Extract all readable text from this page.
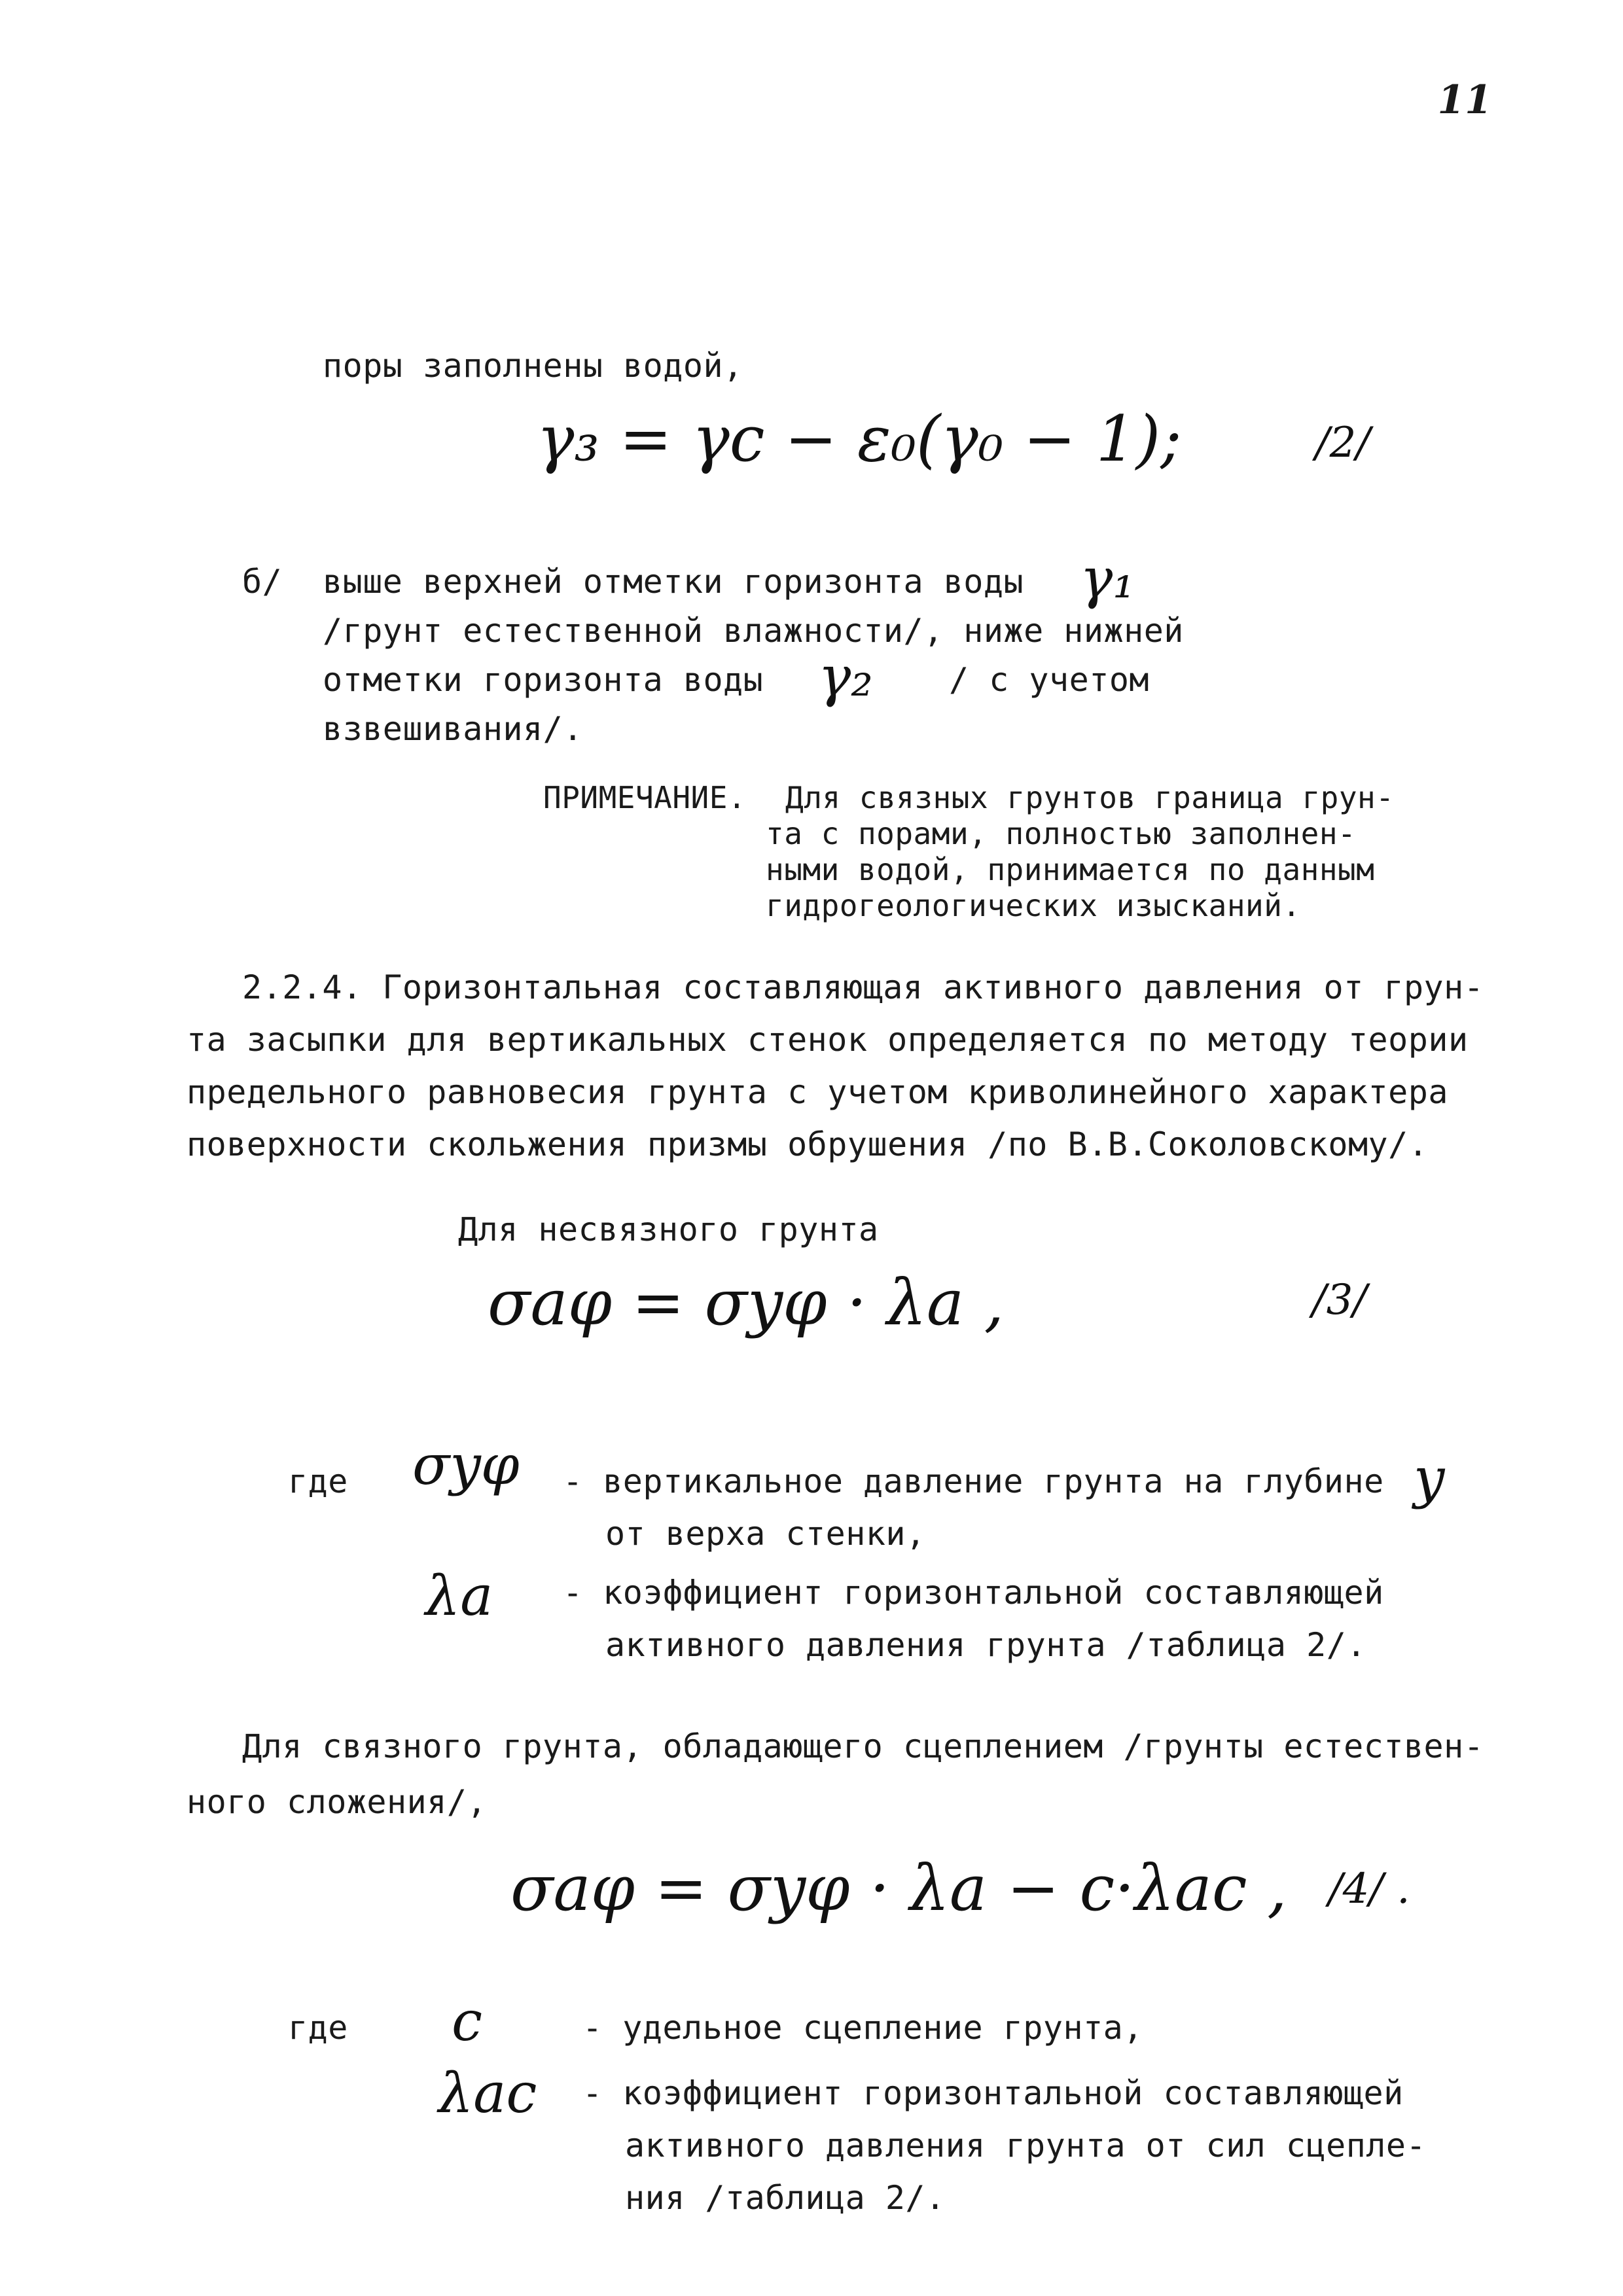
11
поры заполнены водой,
γ₃ = γc − ε₀(γ₀ − 1);	/2/
б/ выше верхней отметки горизонта воды γ₁
/грунт естественной влажности/, ниже нижней
отметки горизонта воды γ₂ / с учетом
взвешивания/.
ПРИМЕЧАНИЕ. Для связных грунтов граница грун-
та с порами, полностью заполнен-
ными водой, принимается по данным
гидрогеологических изысканий.
2.2.4. Горизонтальная составляющая активного давления от грун-
та засыпки для вертикальных стенок определяется по методу теории
предельного равновесия грунта с учетом криволинейного характера
поверхности скольжения призмы обрушения /по В.В.Соколовскому/.
Для несвязного грунта
σaφ = σyφ · λa ,	/3/
где σyφ - вертикальное давление грунта на глубине y
от верха стенки,
λa - коэффициент горизонтальной составляющей
активного давления грунта /таблица 2/.
Для связного грунта, обладающего сцеплением /грунты естествен-
ного сложения/,
σaφ = σyφ · λa − c·λac , /4/ .
где c	- удельное сцепление грунта,
λac - коэффициент горизонтальной составляющей
активного давления грунта от сил сцепле-
ния /таблица 2/.
